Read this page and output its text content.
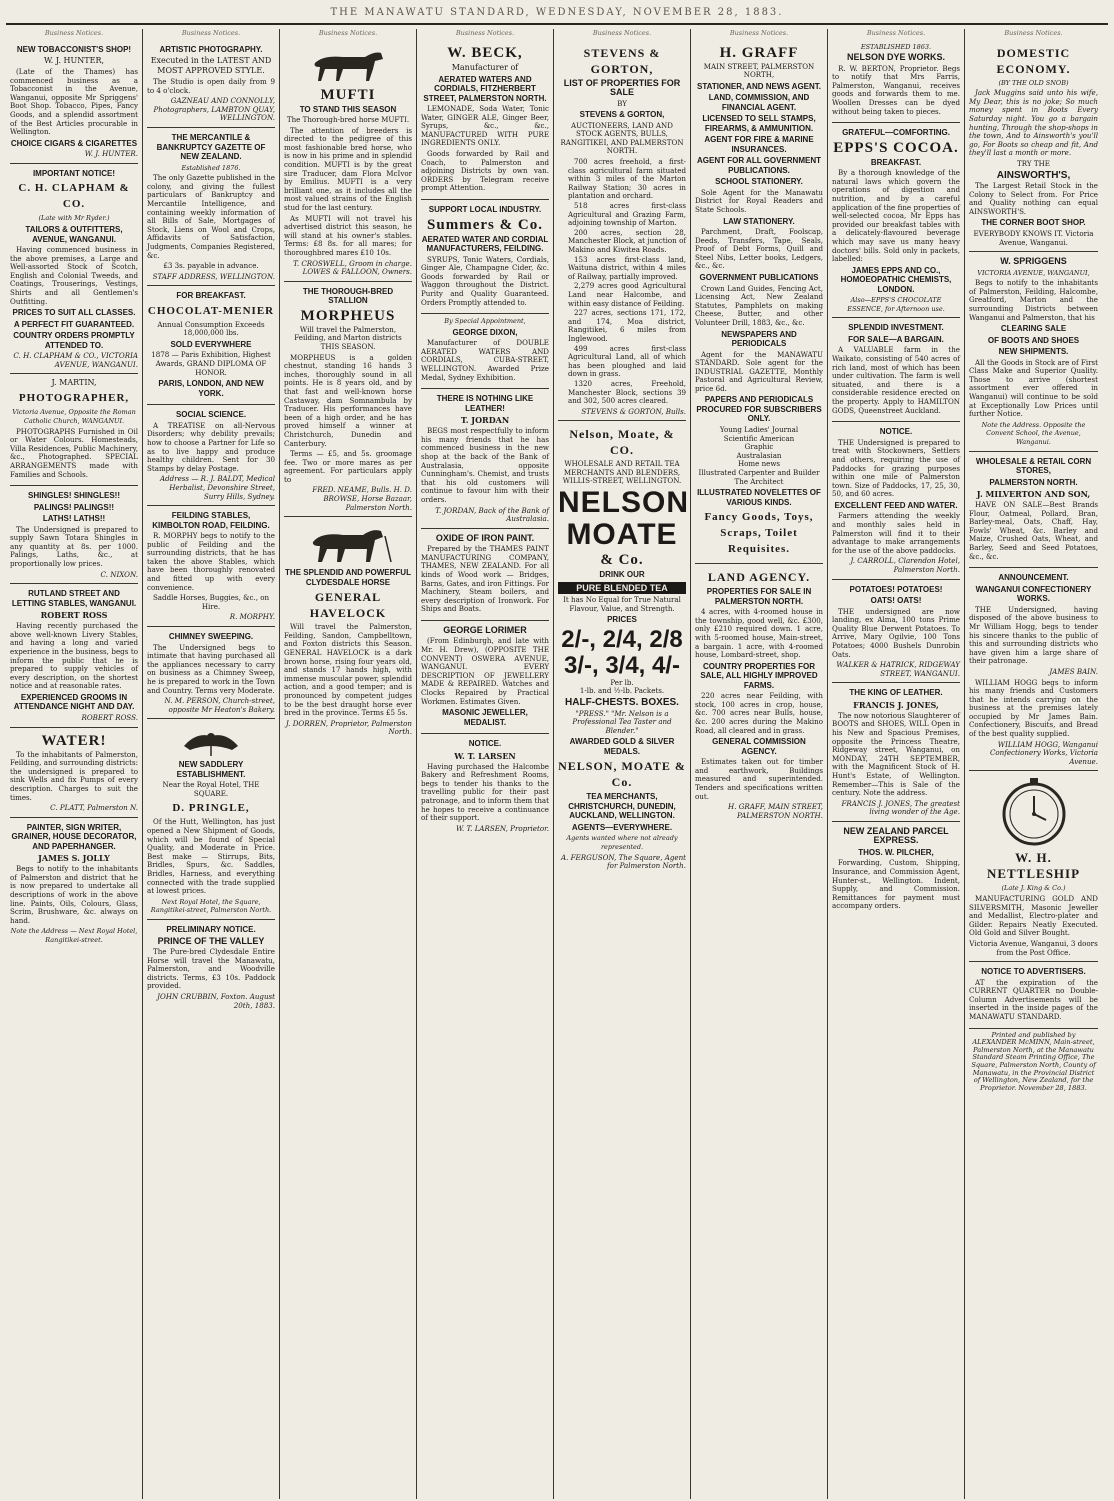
THE MANAWATU STANDARD, WEDNESDAY, NOVEMBER 28, 1883.
Business Notices.
NEW TOBACCONIST'S SHOP!
W. J. HUNTER,
(Late of the Thames) has commenced business as a Tobacconist in the Avenue, Wanganui, opposite Mr Spriggens' Boot Shop. Tobacco, Pipes, Fancy Goods, and a splendid assortment of the Best Articles procurable in Wellington.
CHOICE CIGARS & CIGARETTES
W. J. HUNTER.
IMPORTANT NOTICE!
C. H. CLAPHAM & CO.
(Late with Mr Ryder.)
TAILORS & OUTFITTERS, AVENUE, WANGANUI.
Having commenced business in the above premises, a Large and Well-assorted Stock of Scotch, English and Colonial Tweeds, and Coatings, Trouserings, Vestings, Shirts and all Gentlemen's Outfitting.
PRICES TO SUIT ALL CLASSES.
A PERFECT FIT GUARANTEED.
COUNTRY ORDERS PROMPTLY ATTENDED TO.
C. H. CLAPHAM & CO., VICTORIA AVENUE, WANGANUI.
J. MARTIN,
PHOTOGRAPHER,
Victoria Avenue, Opposite the Roman Catholic Church, WANGANUI.
PHOTOGRAPHS Furnished in Oil or Water Colours. Homesteads, Villa Residences, Public Machinery, &c., Photographed. SPECIAL ARRANGEMENTS made with Families and Schools.
SHINGLES! SHINGLES!!
PALINGS! PALINGS!!
LATHS! LATHS!!
The Undersigned is prepared to supply Sawn Totara Shingles in any quantity at 8s. per 1000. Palings, Laths, &c., at proportionally low prices.
C. NIXON.
RUTLAND STREET AND LETTING STABLES, WANGANUI.
ROBERT ROSS
Having recently purchased the above well-known Livery Stables, and having a long and varied experience in the business, begs to inform the public that he is prepared to supply vehicles of every description, on the shortest notice and at reasonable rates.
EXPERIENCED GROOMS IN ATTENDANCE NIGHT AND DAY.
ROBERT ROSS.
WATER!
To the inhabitants of Palmerston, Feilding, and surrounding districts: the undersigned is prepared to sink Wells and fix Pumps of every description. Charges to suit the times.
C. PLATT, Palmerston N.
PAINTER, SIGN WRITER, GRAINER, HOUSE DECORATOR, AND PAPERHANGER.
JAMES S. JOLLY
Begs to notify to the inhabitants of Palmerston and district that he is now prepared to undertake all descriptions of work in the above line. Paints, Oils, Colours, Glass, Scrim, Brushware, &c. always on hand.
Note the Address — Next Royal Hotel, Rangitikei-street.
Business Notices.
ARTISTIC PHOTOGRAPHY.
Executed in the LATEST AND MOST APPROVED STYLE.
The Studio is open daily from 9 to 4 o'clock.
GAZNEAU AND CONNOLLY, Photographers, LAMBTON QUAY, WELLINGTON.
THE MERCANTILE & BANKRUPTCY GAZETTE OF NEW ZEALAND.
Established 1876.
The only Gazette published in the colony, and giving the fullest particulars of Bankruptcy and Mercantile Intelligence, and containing weekly information of all Bills of Sale, Mortgages of Stock, Liens on Wool and Crops, Affidavits of Satisfaction, Judgments, Companies Registered, &c.
£3 3s. payable in advance.
STAFF ADDRESS, WELLINGTON.
FOR BREAKFAST.
CHOCOLAT-MENIER
Annual Consumption Exceeds 18,000,000 lbs.
SOLD EVERYWHERE
1878 — Paris Exhibition, Highest Awards, GRAND DIPLOMA OF HONOR.
PARIS, LONDON, AND NEW YORK.
SOCIAL SCIENCE.
A TREATISE on all-Nervous Disorders; why debility prevails; how to choose a Partner for Life so as to live happy and produce healthy children. Sent for 30 Stamps by delay Postage.
Address — R. J. BALDT, Medical Herbalist, Devonshire Street, Surry Hills, Sydney.
FEILDING STABLES, KIMBOLTON ROAD, FEILDING.
R. MORPHY begs to notify to the public of Feilding and the surrounding districts, that he has taken the above Stables, which have been thoroughly renovated and fitted up with every convenience.
Saddle Horses, Buggies, &c., on Hire.
R. MORPHY.
CHIMNEY SWEEPING.
The Undersigned begs to intimate that having purchased all the appliances necessary to carry on business as a Chimney Sweep, he is prepared to work in the Town and Country. Terms very Moderate.
N. M. PERSON, Church-street, opposite Mr Heaton's Bakery.
NEW SADDLERY ESTABLISHMENT.
Near the Royal Hotel, THE SQUARE.
D. PRINGLE,
Of the Hutt, Wellington, has just opened a New Shipment of Goods, which will be found of Special Quality, and Moderate in Price. Best make — Stirrups, Bits, Bridles, Spurs, &c. Saddles, Bridles, Harness, and everything connected with the trade supplied at lowest prices.
Next Royal Hotel, the Square, Rangitikei-street, Palmerston North.
PRELIMINARY NOTICE.
PRINCE OF THE VALLEY
The Pure-bred Clydesdale Entire Horse will travel the Manawatu, Palmerston, and Woodville districts. Terms, £3 10s. Paddock provided.
JOHN CRUBBIN, Foxton. August 20th, 1883.
Business Notices.
MUFTI
TO STAND THIS SEASON
The Thorough-bred horse MUFTI.
The attention of breeders is directed to the pedigree of this most fashionable bred horse, who is now in his prime and in splendid condition. MUFTI is by the great sire Traducer, dam Flora McIvor by Emilius. MUFTI is a very brilliant one, as it includes all the most valued strains of the English stud for the last century.
As MUFTI will not travel his advertised district this season, he will stand at his owner's stables. Terms: £8 8s. for all mares; for thoroughbred mares £10 10s.
T. CROSWELL, Groom in charge. LOWES & FALLOON, Owners.
THE THOROUGH-BRED STALLION
MORPHEUS
Will travel the Palmerston, Feilding, and Marton districts THIS SEASON.
MORPHEUS is a golden chestnut, standing 16 hands 3 inches, thoroughly sound in all points. He is 8 years old, and by that fast and well-known horse Castaway, dam Somnambula by Traducer. His performances have been of a high order, and he has proved himself a winner at Christchurch, Dunedin and Canterbury.
Terms — £5, and 5s. groomage fee. Two or more mares as per agreement. For particulars apply to
FRED. NEAME, Bulls. H. D. BROWSE, Horse Bazaar, Palmerston North.
THE SPLENDID AND POWERFUL CLYDESDALE HORSE
GENERAL HAVELOCK
Will travel the Palmerston, Feilding, Sandon, Campbelltown, and Foxton districts this Season. GENERAL HAVELOCK is a dark brown horse, rising four years old, and stands 17 hands high, with immense muscular power, splendid action, and a good temper; and is pronounced by competent judges to be the best draught horse ever bred in the province. Terms £5 5s.
J. DORREN, Proprietor, Palmerston North.
Business Notices.
W. BECK,
Manufacturer of
AERATED WATERS AND CORDIALS, FITZHERBERT STREET, PALMERSTON NORTH.
LEMONADE, Soda Water, Tonic Water, GINGER ALE, Ginger Beer, Syrups, &c., &c., MANUFACTURED WITH PURE INGREDIENTS ONLY.
Goods forwarded by Rail and Coach, to Palmerston and adjoining Districts by own van. ORDERS by Telegram receive prompt Attention.
SUPPORT LOCAL INDUSTRY.
Summers & Co.
AERATED WATER AND CORDIAL MANUFACTURERS, FEILDING.
SYRUPS, Tonic Waters, Cordials, Ginger Ale, Champagne Cider, &c. Goods forwarded by Rail or Waggon throughout the District. Purity and Quality Guaranteed. Orders Promptly attended to.
By Special Appointment,
GEORGE DIXON,
Manufacturer of DOUBLE AERATED WATERS AND CORDIALS, CUBA-STREET, WELLINGTON. Awarded Prize Medal, Sydney Exhibition.
THERE IS NOTHING LIKE LEATHER!
T. JORDAN
BEGS most respectfully to inform his many friends that he has commenced business in the new shop at the back of the Bank of Australasia, opposite Cunningham's. Chemist, and trusts that his old customers will continue to favour him with their orders.
T. JORDAN, Back of the Bank of Australasia.
OXIDE OF IRON PAINT.
Prepared by the THAMES PAINT MANUFACTURING COMPANY, THAMES, NEW ZEALAND. For all kinds of Wood work — Bridges, Barns, Gates, and iron Fittings. For Machinery, Steam boilers, and every description of Ironwork. For Ships and Boats.
GEORGE LORIMER
(From Edinburgh, and late with Mr. H. Drew), (OPPOSITE THE CONVENT) OSWERA AVENUE, WANGANUI. EVERY DESCRIPTION OF JEWELLERY MADE & REPAIRED. Watches and Clocks Repaired by Practical Workmen. Estimates Given.
MASONIC JEWELLER, MEDALIST.
NOTICE.
W. T. LARSEN
Having purchased the Halcombe Bakery and Refreshment Rooms, begs to tender his thanks to the travelling public for their past patronage, and to inform them that he hopes to receive a continuance of their support.
W. T. LARSEN, Proprietor.
Business Notices.
STEVENS & GORTON,
LIST OF PROPERTIES FOR SALE
BY
STEVENS & GORTON,
AUCTIONEERS, LAND AND STOCK AGENTS, BULLS, RANGITIKEI, AND PALMERSTON NORTH.
700 acres freehold, a first-class agricultural farm situated within 3 miles of the Marton Railway Station; 30 acres in plantation and orchard.
518 acres first-class Agricultural and Grazing Farm, adjoining township of Marton.
200 acres, section 28, Manchester Block, at junction of Makino and Kiwitea Roads.
153 acres first-class land, Waituna district, within 4 miles of Railway, partially improved.
2,279 acres good Agricultural Land near Halcombe, and within easy distance of Feilding.
227 acres, sections 171, 172, and 174, Moa district, Rangitikei, 6 miles from Inglewood.
499 acres first-class Agricultural Land, all of which has been ploughed and laid down in grass.
1320 acres, Freehold, Manchester Block, sections 39 and 302, 500 acres cleared.
STEVENS & GORTON, Bulls.
Nelson, Moate, & CO.
WHOLESALE AND RETAIL TEA MERCHANTS AND BLENDERS, WILLIS-STREET, WELLINGTON.
NELSON
MOATE
& Co.
DRINK OUR
PURE BLENDED TEA
It has No Equal for True Natural Flavour, Value, and Strength.
PRICES
2/-, 2/4, 2/8
3/-, 3/4, 4/-
Per lb.
1-lb. and ½-lb. Packets.
HALF-CHESTS. BOXES.
"PRESS." "Mr. Nelson is a Professional Tea Taster and Blender."
AWARDED GOLD & SILVER MEDALS.
NELSON, MOATE & Co.
TEA MERCHANTS, CHRISTCHURCH, DUNEDIN, AUCKLAND, WELLINGTON.
AGENTS—EVERYWHERE.
Agents wanted where not already represented.
A. FERGUSON, The Square, Agent for Palmerston North.
Business Notices.
H. GRAFF
MAIN STREET, PALMERSTON NORTH,
STATIONER, AND NEWS AGENT.
LAND, COMMISSION, AND FINANCIAL AGENT.
LICENSED TO SELL STAMPS, FIREARMS, & AMMUNITION.
AGENT FOR FIRE & MARINE INSURANCES.
AGENT FOR ALL GOVERNMENT PUBLICATIONS.
SCHOOL STATIONERY.
Sole Agent for the Manawatu District for Royal Readers and State Schools.
LAW STATIONERY.
Parchment, Draft, Foolscap, Deeds, Transfers, Tape, Seals, Proof of Debt Forms, Quill and Steel Nibs, Letter books, Ledgers, &c., &c.
GOVERNMENT PUBLICATIONS
Crown Land Guides, Fencing Act, Licensing Act, New Zealand Statutes, Pamphlets on making Cheese, Butter, and other Volunteer Drill, 1883, &c., &c.
NEWSPAPERS AND PERIODICALS
Agent for the MANAWATU STANDARD. Sole agent for the INDUSTRIAL GAZETTE, Monthly Pastoral and Agricultural Review, price 6d.
PAPERS AND PERIODICALS PROCURED FOR SUBSCRIBERS ONLY.
Young Ladies' Journal
Scientific American
Graphic
Australasian
Home news
Illustrated Carpenter and Builder
The Architect
ILLUSTRATED NOVELETTES OF VARIOUS KINDS.
Fancy Goods, Toys, Scraps, Toilet Requisites.
LAND AGENCY.
PROPERTIES FOR SALE IN PALMERSTON NORTH.
4 acres, with 4-roomed house in the township, good well, &c. £300, only £210 required down. 1 acre, with 5-roomed house, Main-street, a bargain. 1 acre, with 4-roomed house, Lombard-street, shop.
COUNTRY PROPERTIES FOR SALE, ALL HIGHLY IMPROVED FARMS.
220 acres near Feilding, with stock, 100 acres in crop, house, &c. 700 acres near Bulls, house, &c. 200 acres during the Makino Road, all cleared and in grass.
GENERAL COMMISSION AGENCY.
Estimates taken out for timber and earthwork, Buildings measured and superintended. Tenders and specifications written out.
H. GRAFF, MAIN STREET, PALMERSTON NORTH.
Business Notices.
ESTABLISHED 1863.
NELSON DYE WORKS.
R. W. BERTON, Proprietor. Begs to notify that Mrs Farris, Palmerston, Wanganui, receives goods and forwards them to me. Woollen Dresses can be dyed without being taken to pieces.
GRATEFUL—COMFORTING.
EPPS'S COCOA.
BREAKFAST.
By a thorough knowledge of the natural laws which govern the operations of digestion and nutrition, and by a careful application of the fine properties of well-selected cocoa, Mr Epps has provided our breakfast tables with a delicately-flavoured beverage which may save us many heavy doctors' bills. Sold only in packets, labelled:
JAMES EPPS AND CO., HOMOEOPATHIC CHEMISTS, LONDON.
Also—EPPS'S CHOCOLATE ESSENCE, for Afternoon use.
SPLENDID INVESTMENT.
FOR SALE—A BARGAIN.
A VALUABLE farm in the Waikato, consisting of 540 acres of rich land, most of which has been under cultivation. The farm is well situated, and there is a considerable residence erected on the property. Apply to HAMILTON GODS, Queenstreet Auckland.
NOTICE.
THE Undersigned is prepared to treat with Stockowners, Settlers and others, requiring the use of Paddocks for grazing purposes within one mile of Palmerston town. Size of Paddocks, 17, 25, 30, 50, and 60 acres.
EXCELLENT FEED AND WATER.
Farmers attending the weekly and monthly sales held in Palmerston will find it to their advantage to make arrangements for the use of the above paddocks.
J. CARROLL, Clarendon Hotel, Palmerston North.
POTATOES! POTATOES!
OATS! OATS!
THE undersigned are now landing, ex Alma, 100 tons Prime Quality Blue Derwent Potatoes. To Arrive, Mary Ogilvie, 100 Tons Potatoes; 4000 Bushels Dunrobin Oats.
WALKER & HATRICK, RIDGEWAY STREET, WANGANUI.
THE KING OF LEATHER.
FRANCIS J. JONES,
The now notorious Slaughterer of BOOTS and SHOES, WILL Open in his New and Spacious Premises, opposite the Princess Theatre, Ridgeway street, Wanganui, on MONDAY, 24TH SEPTEMBER, with the Magnificent Stock of H. Hunt's Estate, of Wellington. Remember—This is Sale of the century. Note the address.
FRANCIS J. JONES, The greatest living wonder of the Age.
NEW ZEALAND PARCEL EXPRESS.
THOS. W. PILCHER,
Forwarding, Custom, Shipping, Insurance, and Commission Agent, Hunter-st., Wellington. Indent, Supply, and Commission. Remittances for payment must accompany orders.
Business Notices.
DOMESTIC ECONOMY.
(BY THE OLD SNOB)
Jack Muggins said unto his wife, My Dear, this is no joke; So much money spent in Boots Every Saturday night. You go a bargain hunting, Through the shop-shops in the town, And to Ainsworth's you'll go, For Boots so cheap and fit, And they'll last a month or more.
TRY THE
AINSWORTH'S,
The Largest Retail Stock in the Colony to Select from. For Price and Quality nothing can equal AINSWORTH'S.
THE CORNER BOOT SHOP.
EVERYBODY KNOWS IT. Victoria Avenue, Wanganui.
W. SPRIGGENS
VICTORIA AVENUE, WANGANUI,
Begs to notify to the inhabitants of Palmerston, Feilding, Halcombe, Greatford, Marton and the surrounding Districts between Wanganui and Palmerston, that his
CLEARING SALE
OF BOOTS AND SHOES
NEW SHIPMENTS.
All the Goods in Stock are of First Class Make and Superior Quality. Those to arrive (shortest assortment ever offered in Wanganui) will continue to be sold at Exceptionally Low Prices until further Notice.
Note the Address. Opposite the Convent School, the Avenue, Wanganui.
WHOLESALE & RETAIL CORN STORES,
PALMERSTON NORTH.
J. MILVERTON AND SON,
HAVE ON SALE—Best Brands Flour, Oatmeal, Pollard, Bran, Barley-meal, Oats, Chaff, Hay, Fowls' Wheat, &c. Barley and Maize, Crushed Oats, Wheat, and Barley, Seed and Seed Potatoes, &c., &c.
ANNOUNCEMENT.
WANGANUI CONFECTIONERY WORKS.
THE Undersigned, having disposed of the above business to Mr William Hogg, begs to tender his sincere thanks to the public of this and surrounding districts who have given him a large share of their patronage.
JAMES BAIN.
WILLIAM HOGG begs to inform his many friends and Customers that he intends carrying on the business at the premises lately occupied by Mr James Bain. Confectionery, Biscuits, and Bread of the best quality supplied.
WILLIAM HOGG, Wanganui Confectionery Works, Victoria Avenue.
W. H. NETTLESHIP
(Late J. King & Co.)
MANUFACTURING GOLD AND SILVERSMITH, Masonic Jeweller and Medallist, Electro-plater and Gilder. Repairs Neatly Executed. Old Gold and Silver Bought.
Victoria Avenue, Wanganui, 3 doors from the Post Office.
NOTICE TO ADVERTISERS.
AT the expiration of the CURRENT QUARTER no Double-Column Advertisements will be inserted in the inside pages of the MANAWATU STANDARD.
Printed and published by ALEXANDER McMINN, Main-street, Palmerston North, at the Manawatu Standard Steam Printing Office, The Square, Palmerston North, County of Manawatu, in the Provincial District of Wellington, New Zealand, for the Proprietor. November 28, 1883.
